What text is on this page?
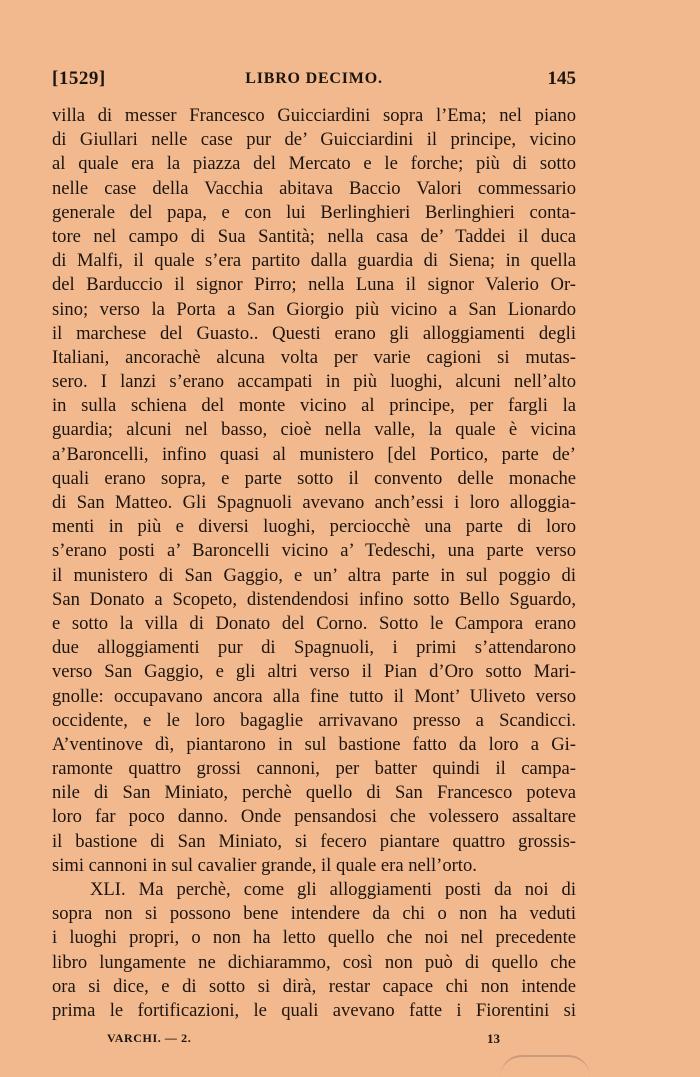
[1529]	LIBRO DECIMO.	145
villa di messer Francesco Guicciardini sopra l’Ema; nel piano
di Giullari nelle case pur de’ Guicciardini il principe, vicino
al quale era la piazza del Mercato e le forche; più di sotto
nelle case della Vacchia abitava Baccio Valori commessario
generale del papa, e con lui Berlinghieri Berlinghieri conta-
tore nel campo di Sua Santità; nella casa de’ Taddei il duca
di Malfi, il quale s’era partito dalla guardia di Siena; in quella
del Barduccio il signor Pirro; nella Luna il signor Valerio Or-
sino; verso la Porta a San Giorgio più vicino a San Lionardo
il marchese del Guasto.. Questi erano gli alloggiamenti degli
Italiani, ancorachè alcuna volta per varie cagioni si mutas-
sero. I lanzi s’erano accampati in più luoghi, alcuni nell’alto
in sulla schiena del monte vicino al principe, per fargli la
guardia; alcuni nel basso, cioè nella valle, la quale è vicina
a’Baroncelli, infino quasi al munistero [del Portico, parte de’
quali erano sopra, e parte sotto il convento delle monache
di San Matteo. Gli Spagnuoli avevano anch’essi i loro alloggia-
menti in più e diversi luoghi, perciocchè una parte di loro
s’erano posti a’ Baroncelli vicino a’ Tedeschi, una parte verso
il munistero di San Gaggio, e un’ altra parte in sul poggio di
San Donato a Scopeto, distendendosi infino sotto Bello Sguardo,
e sotto la villa di Donato del Corno. Sotto le Campora erano
due alloggiamenti pur di Spagnuoli, i primi s’attendarono
verso San Gaggio, e gli altri verso il Pian d’Oro sotto Mari-
gnolle: occupavano ancora alla fine tutto il Mont’ Uliveto verso
occidente, e le loro bagaglie arrivavano presso a Scandicci.
A’ventinove dì, piantarono in sul bastione fatto da loro a Gi-
ramonte quattro grossi cannoni, per batter quindi il campa-
nile di San Miniato, perchè quello di San Francesco poteva
loro far poco danno. Onde pensandosi che volessero assaltare
il bastione di San Miniato, si fecero piantare quattro grossis-
simi cannoni in sul cavalier grande, il quale era nell’orto.
XLI. Ma perchè, come gli alloggiamenti posti da noi di
sopra non si possono bene intendere da chi o non ha veduti
i luoghi propri, o non ha letto quello che noi nel precedente
libro lungamente ne dichiarammo, così non può di quello che
ora si dice, e di sotto si dirà, restar capace chi non intende
prima le fortificazioni, le quali avevano fatte i Fiorentini si
VARCHI. — 2.	13
